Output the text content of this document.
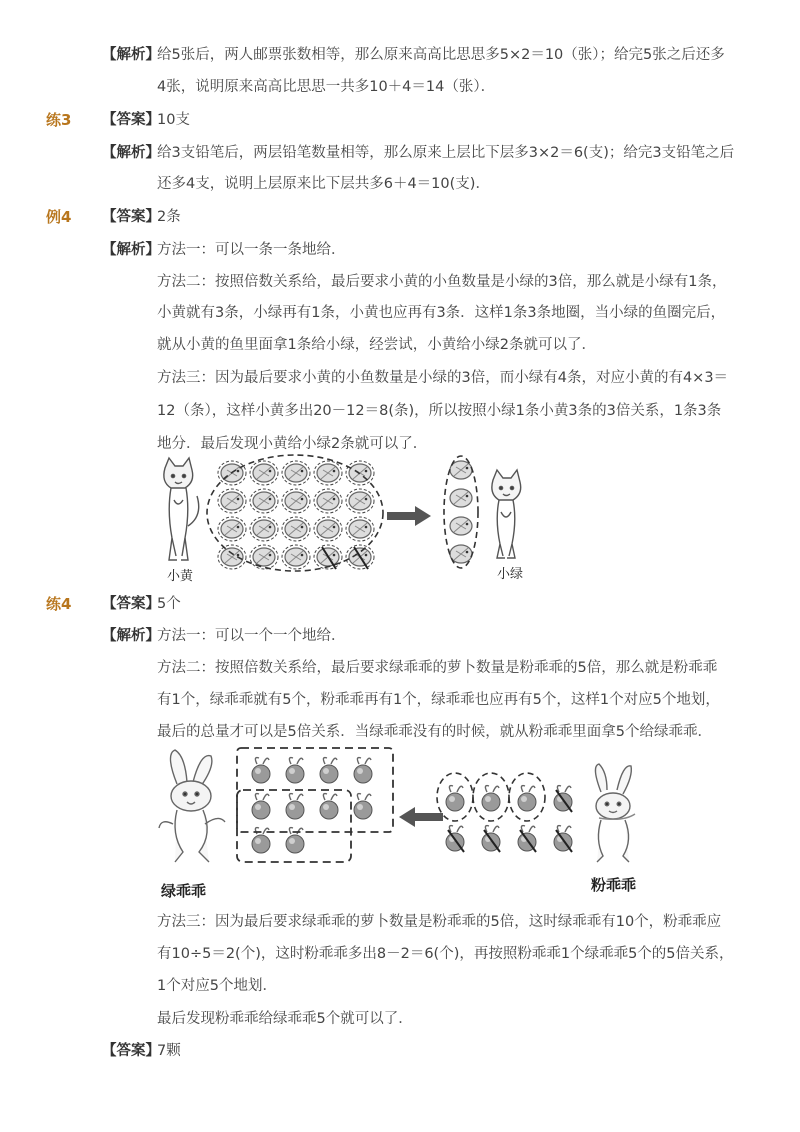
【解析】
给5张后，两人邮票张数相等，那么原来高高比思思多5×2＝10（张）；给完5张之后还多
4张，说明原来高高比思思一共多10＋4＝14（张）．
练3 【答案】
10支
【解析】
给3支铅笔后，两层铅笔数量相等，那么原来上层比下层多3×2＝6(支)；给完3支铅笔之后
还多4支，说明上层原来比下层共多6＋4＝10(支)．
例4 【答案】
2条
【解析】
方法一：可以一条一条地给．
方法二：按照倍数关系给，最后要求小黄的小鱼数量是小绿的3倍，那么就是小绿有1条，
小黄就有3条，小绿再有1条，小黄也应再有3条．这样1条3条地圈，当小绿的鱼圈完后，
就从小黄的鱼里面拿1条给小绿，经尝试，小黄给小绿2条就可以了．
方法三：因为最后要求小黄的小鱼数量是小绿的3倍，而小绿有4条，对应小黄的有4×3＝
12（条），这样小黄多出20－12＝8(条)，所以按照小绿1条小黄3条的3倍关系，1条3条
地分．最后发现小黄给小绿2条就可以了．
小黄	小绿
练4 【答案】
5个
【解析】
方法一：可以一个一个地给．
方法二：按照倍数关系给，最后要求绿乖乖的萝卜数量是粉乖乖的5倍，那么就是粉乖乖
有1个，绿乖乖就有5个，粉乖乖再有1个，绿乖乖也应再有5个，这样1个对应5个地划，
最后的总量才可以是5倍关系．当绿乖乖没有的时候，就从粉乖乖里面拿5个给绿乖乖．
绿乖乖	粉乖乖
方法三：因为最后要求绿乖乖的萝卜数量是粉乖乖的5倍，这时绿乖乖有10个，粉乖乖应
有10÷5＝2(个)，这时粉乖乖多出8－2＝6(个)，再按照粉乖乖1个绿乖乖5个的5倍关系，
1个对应5个地划．
最后发现粉乖乖给绿乖乖5个就可以了．
【答案】
7颗
